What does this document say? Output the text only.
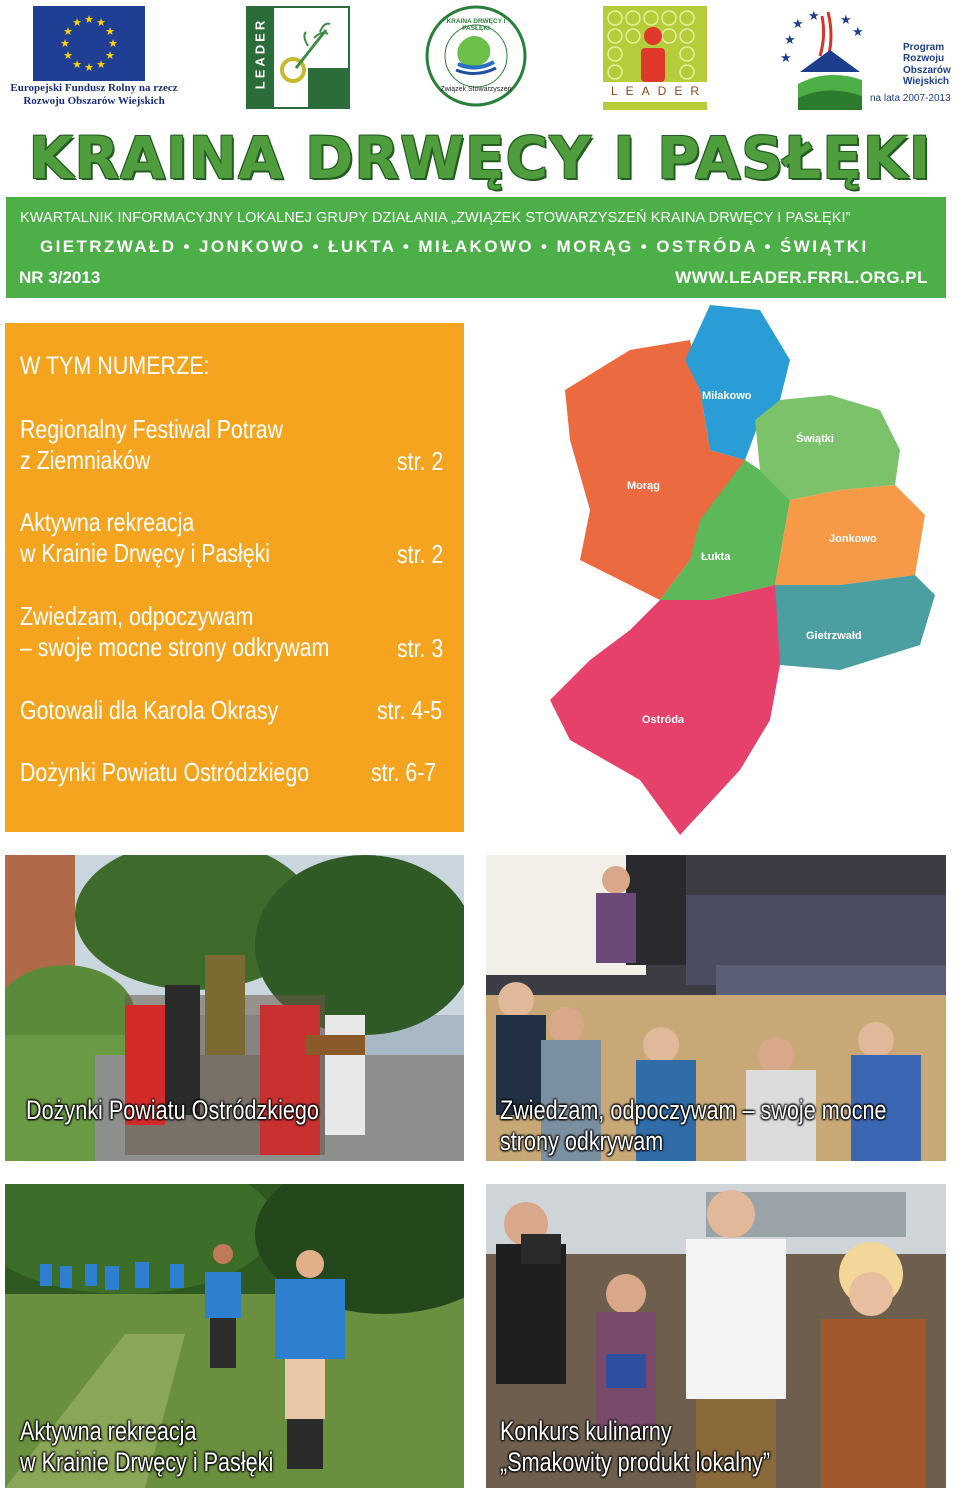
★ ★
★
★
★
★
★
★
★
★
★
★
Europejski Fundusz Rolny na rzecz
Rozwoju Obszarów Wiejskich
LEADER	KRAINA DRWĘCY I PASŁĘKI
Związek Stowarzyszeń	L E A D E R
★
★
★ ★
★
★
Program
Rozwoju
Obszarów
Wiejskich
na lata 2007-2013
KRAINA DRWĘCY I PASŁĘKI
KWARTALNIK INFORMACYJNY LOKALNEJ GRUPY DZIAŁANIA „ZWIĄZEK STOWARZYSZEŃ KRAINA DRWĘCY I PASŁĘKI”
GIETRZWAŁD • JONKOWO • ŁUKTA • MIŁAKOWO • MORĄG • OSTRÓDA • ŚWIĄTKI
NR 3/2013	WWW.LEADER.FRRL.ORG.PL
W TYM NUMERZE:
Regionalny Festiwal Potraw
z Ziemniaków	str. 2
Aktywna rekreacja
w Krainie Drwęcy i Pasłęki	str. 2
Zwiedzam, odpoczywam
– swoje mocne strony odkrywam	str. 3
Gotowali dla Karola Okrasy	str. 4-5
Dożynki Powiatu Ostródzkiego str. 6-7
Miłakowo
Świątki
Morąg
Jonkowo
Łukta
Gietrzwałd
Ostróda
Dożynki Powiatu Ostródzkiego	Zwiedzam, odpoczywam – swoje mocne
strony odkrywam
Aktywna rekreacja
w Krainie Drwęcy i Pasłęki
Konkurs kulinarny
„Smakowity produkt lokalny”
